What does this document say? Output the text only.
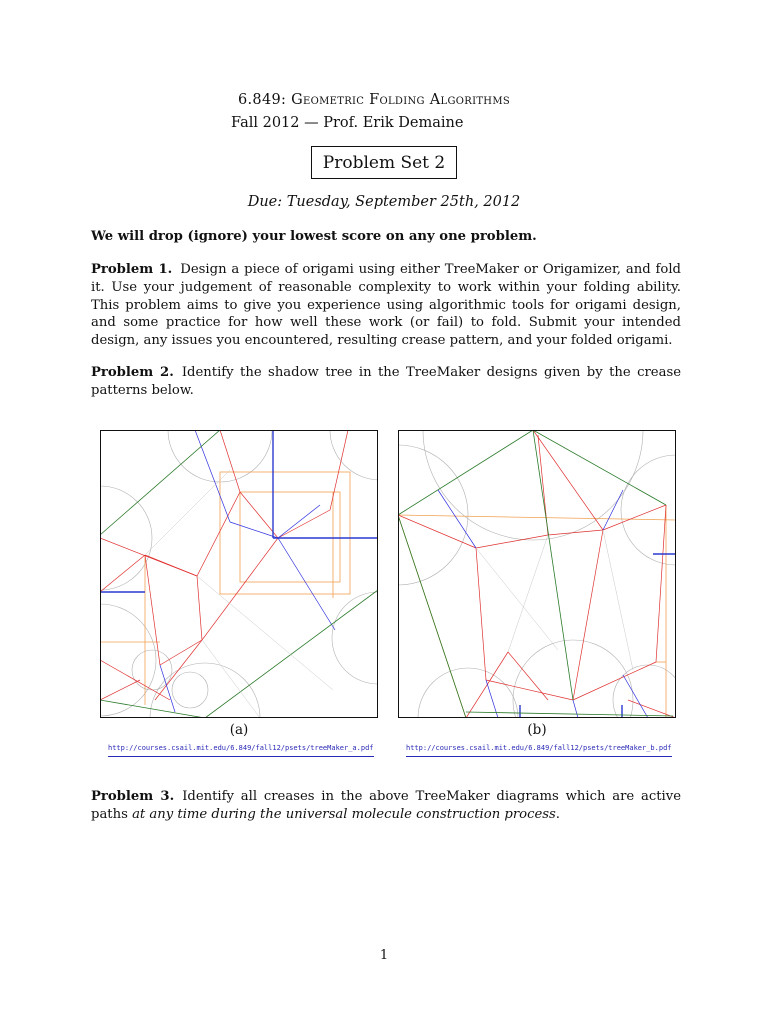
6.849: Geometric Folding Algorithms
Fall 2012 — Prof. Erik Demaine
Problem Set 2
Due: Tuesday, September 25th, 2012
We will drop (ignore) your lowest score on any one problem.
Problem 1. Design a piece of origami using either TreeMaker or Origamizer, and fold it. Use your judgement of reasonable complexity to work within your folding ability. This problem aims to give you experience using algorithmic tools for origami design, and some practice for how well these work (or fail) to fold. Submit your intended design, any issues you encountered, resulting crease pattern, and your folded origami.
Problem 2. Identify the shadow tree in the TreeMaker designs given by the crease patterns below.
(a)	(b)
http://courses.csail.mit.edu/6.849/fall12/psets/treeMaker_a.pdf	http://courses.csail.mit.edu/6.849/fall12/psets/treeMaker_b.pdf
Problem 3. Identify all creases in the above TreeMaker diagrams which are active paths at any time during the universal molecule construction process.
1
